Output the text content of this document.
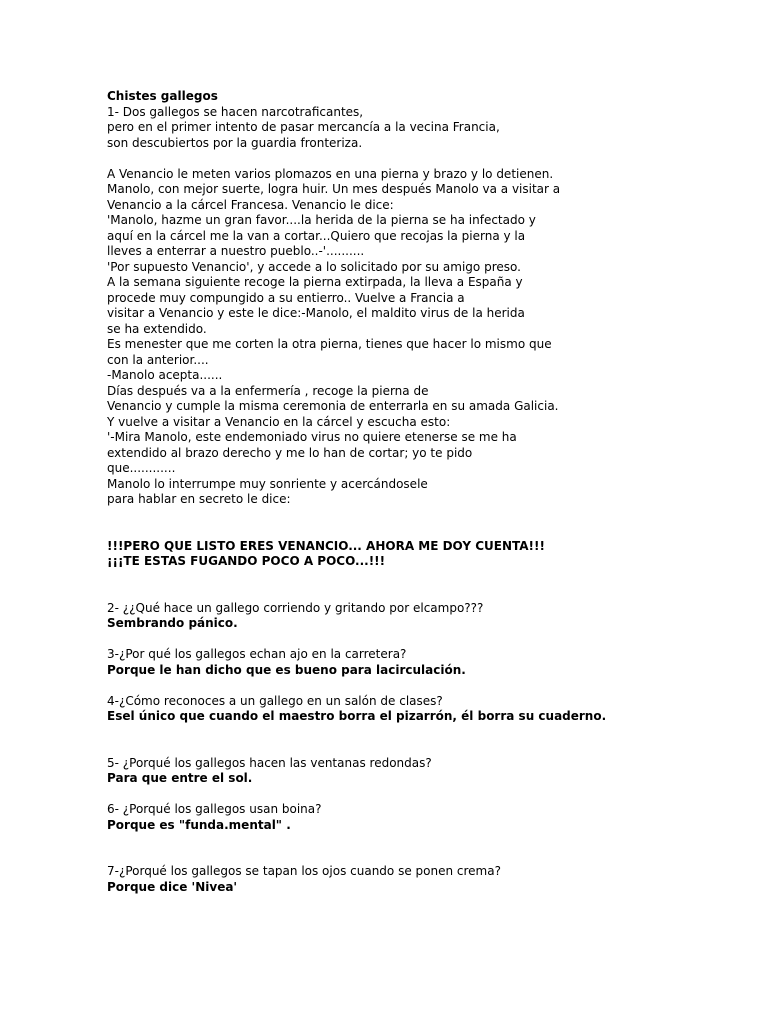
Chistes gallegos
1- Dos gallegos se hacen narcotraficantes,
pero en el primer intento de pasar mercancía a la vecina Francia,
son descubiertos por la guardia fronteriza.
A Venancio le meten varios plomazos en una pierna y brazo y lo detienen.
Manolo, con mejor suerte, logra huir. Un mes después Manolo va a visitar a
Venancio a la cárcel Francesa. Venancio le dice:
'Manolo, hazme un gran favor....la herida de la pierna se ha infectado y
aquí en la cárcel me la van a cortar...Quiero que recojas la pierna y la
lleves a enterrar a nuestro pueblo..-'..........
'Por supuesto Venancio', y accede a lo solicitado por su amigo preso.
A la semana siguiente recoge la pierna extirpada, la lleva a España y
procede muy compungido a su entierro.. Vuelve a Francia a
visitar a Venancio y este le dice:-Manolo, el maldito virus de la herida
se ha extendido.
Es menester que me corten la otra pierna, tienes que hacer lo mismo que
con la anterior....
-Manolo acepta......
Días después va a la enfermería , recoge la pierna de
Venancio y cumple la misma ceremonia de enterrarla en su amada Galicia.
Y vuelve a visitar a Venancio en la cárcel y escucha esto:
'-Mira Manolo, este endemoniado virus no quiere etenerse se me ha
extendido al brazo derecho y me lo han de cortar; yo te pido
que............
Manolo lo interrumpe muy sonriente y acercándosele
para hablar en secreto le dice:
!!!PERO QUE LISTO ERES VENANCIO... AHORA ME DOY CUENTA!!!
¡¡¡TE ESTAS FUGANDO POCO A POCO...!!!
2- ¿¿Qué hace un gallego corriendo y gritando por elcampo???
Sembrando pánico.
3-¿Por qué los gallegos echan ajo en la carretera?
Porque le han dicho que es bueno para lacirculación.
4-¿Cómo reconoces a un gallego en un salón de clases?
Esel único que cuando el maestro borra el pizarrón, él borra su cuaderno.
5- ¿Porqué los gallegos hacen las ventanas redondas?
Para que entre el sol.
6- ¿Porqué los gallegos usan boina?
Porque es "funda.mental" .
7-¿Porqué los gallegos se tapan los ojos cuando se ponen crema?
Porque dice 'Nivea'
